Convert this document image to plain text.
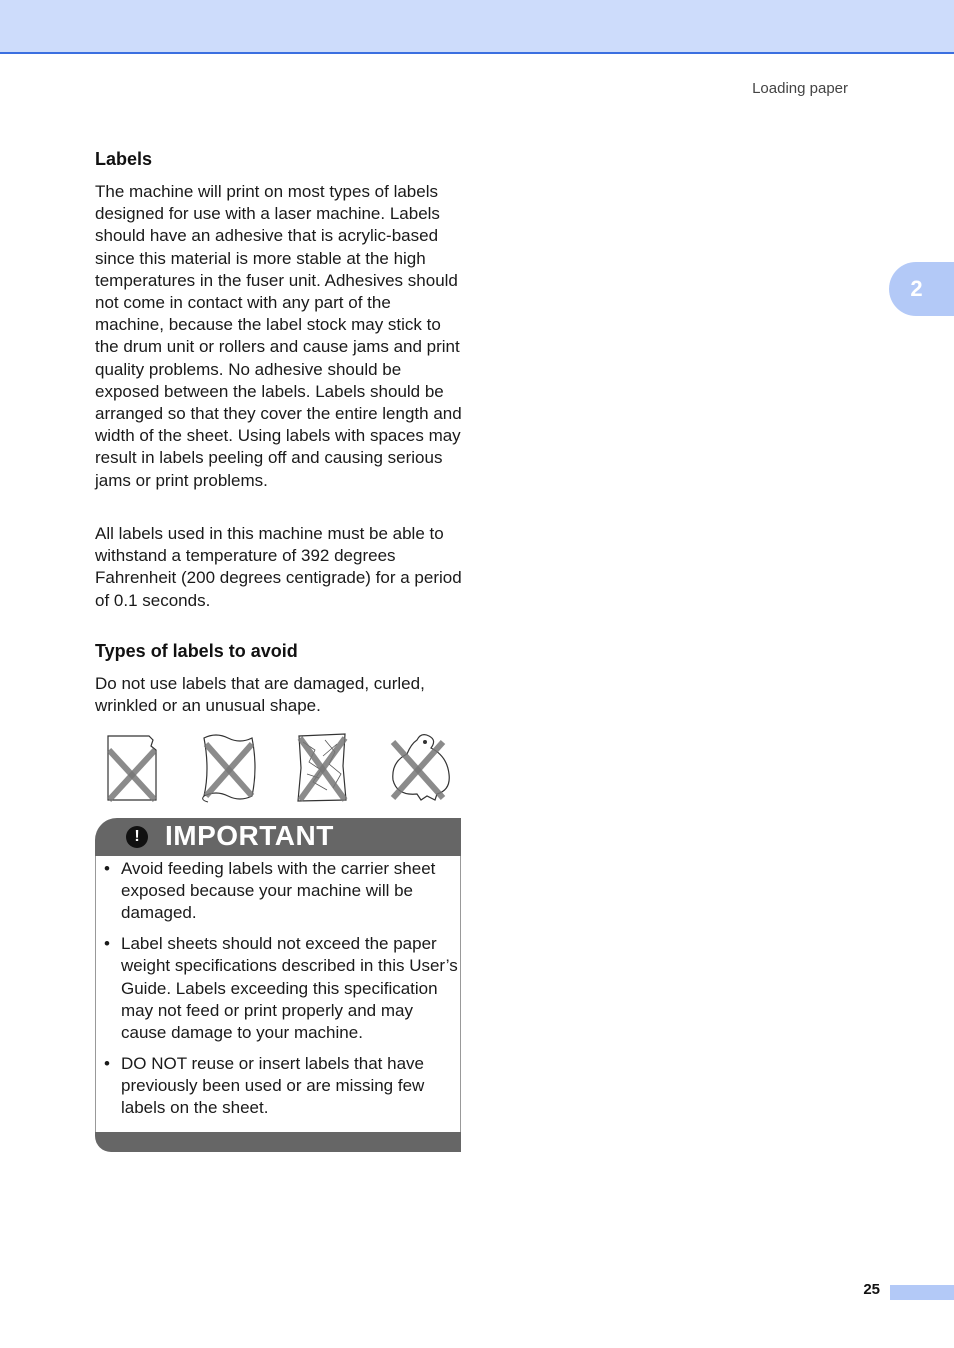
Loading paper
2
Labels

The machine will print on most types of labels designed for use with a laser machine. Labels should have an adhesive that is acrylic-based since this material is more stable at the high temperatures in the fuser unit. Adhesives should not come in contact with any part of the machine, because the label stock may stick to the drum unit or rollers and cause jams and print quality problems. No adhesive should be exposed between the labels. Labels should be arranged so that they cover the entire length and width of the sheet. Using labels with spaces may result in labels peeling off and causing serious jams or print problems.

All labels used in this machine must be able to withstand a temperature of 392 degrees Fahrenheit (200 degrees centigrade) for a period of 0.1 seconds.

Types of labels to avoid

Do not use labels that are damaged, curled, wrinkled or an unusual shape.

! IMPORTANT
• Avoid feeding labels with the carrier sheet exposed because your machine will be damaged.
• Label sheets should not exceed the paper weight specifications described in this User’s Guide. Labels exceeding this specification may not feed or print properly and may cause damage to your machine.
• DO NOT reuse or insert labels that have previously been used or are missing few labels on the sheet.
25
